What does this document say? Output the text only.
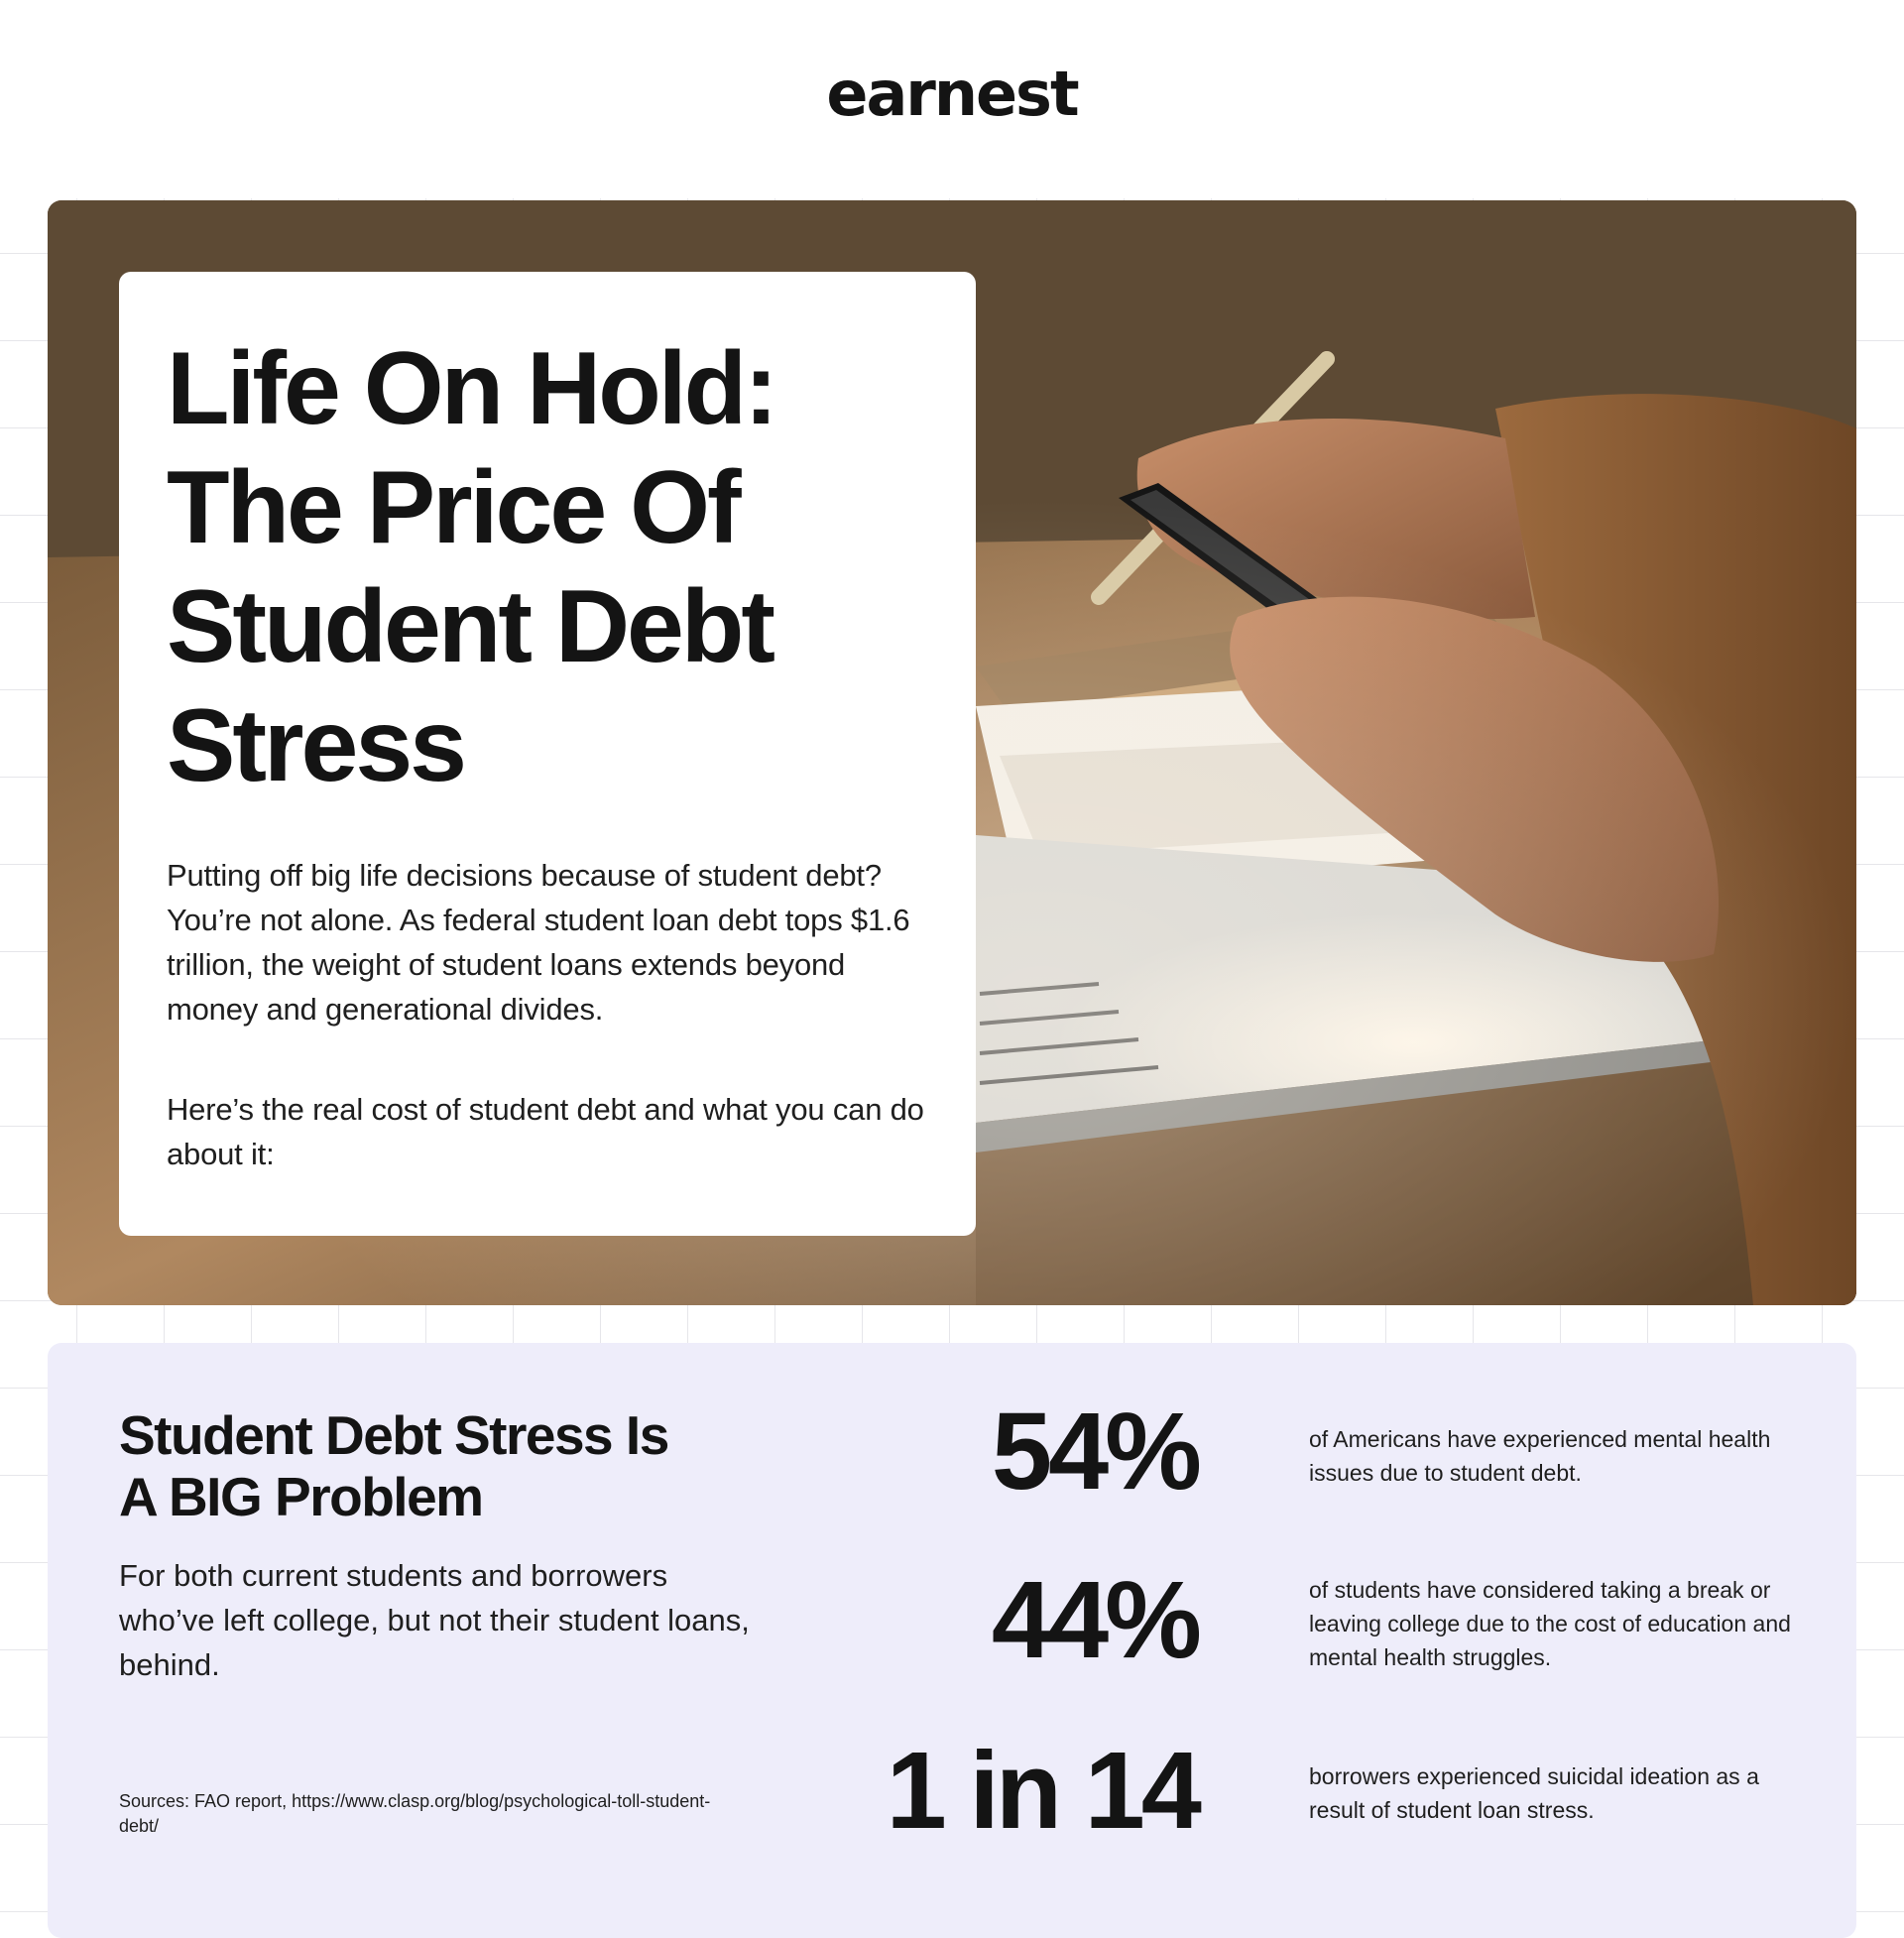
earnest
Life On Hold:
The Price Of
Student Debt
Stress

Putting off big life decisions because of student debt? You’re not alone. As federal student loan debt tops $1.6 trillion, the weight of student loans extends beyond money and generational divides.

Here’s the real cost of student debt and what you can do about it:

Student Debt Stress Is
A BIG Problem

For both current students and borrowers who’ve left college, but not their student loans, behind.

Sources: FAO report, https://www.clasp.org/blog/psychological-toll-student-debt/

54%	of Americans have experienced mental health issues due to student debt.

44%	of students have considered taking a break or leaving college due to the cost of education and mental health struggles.

1 in 14	borrowers experienced suicidal ideation as a result of student loan stress.
